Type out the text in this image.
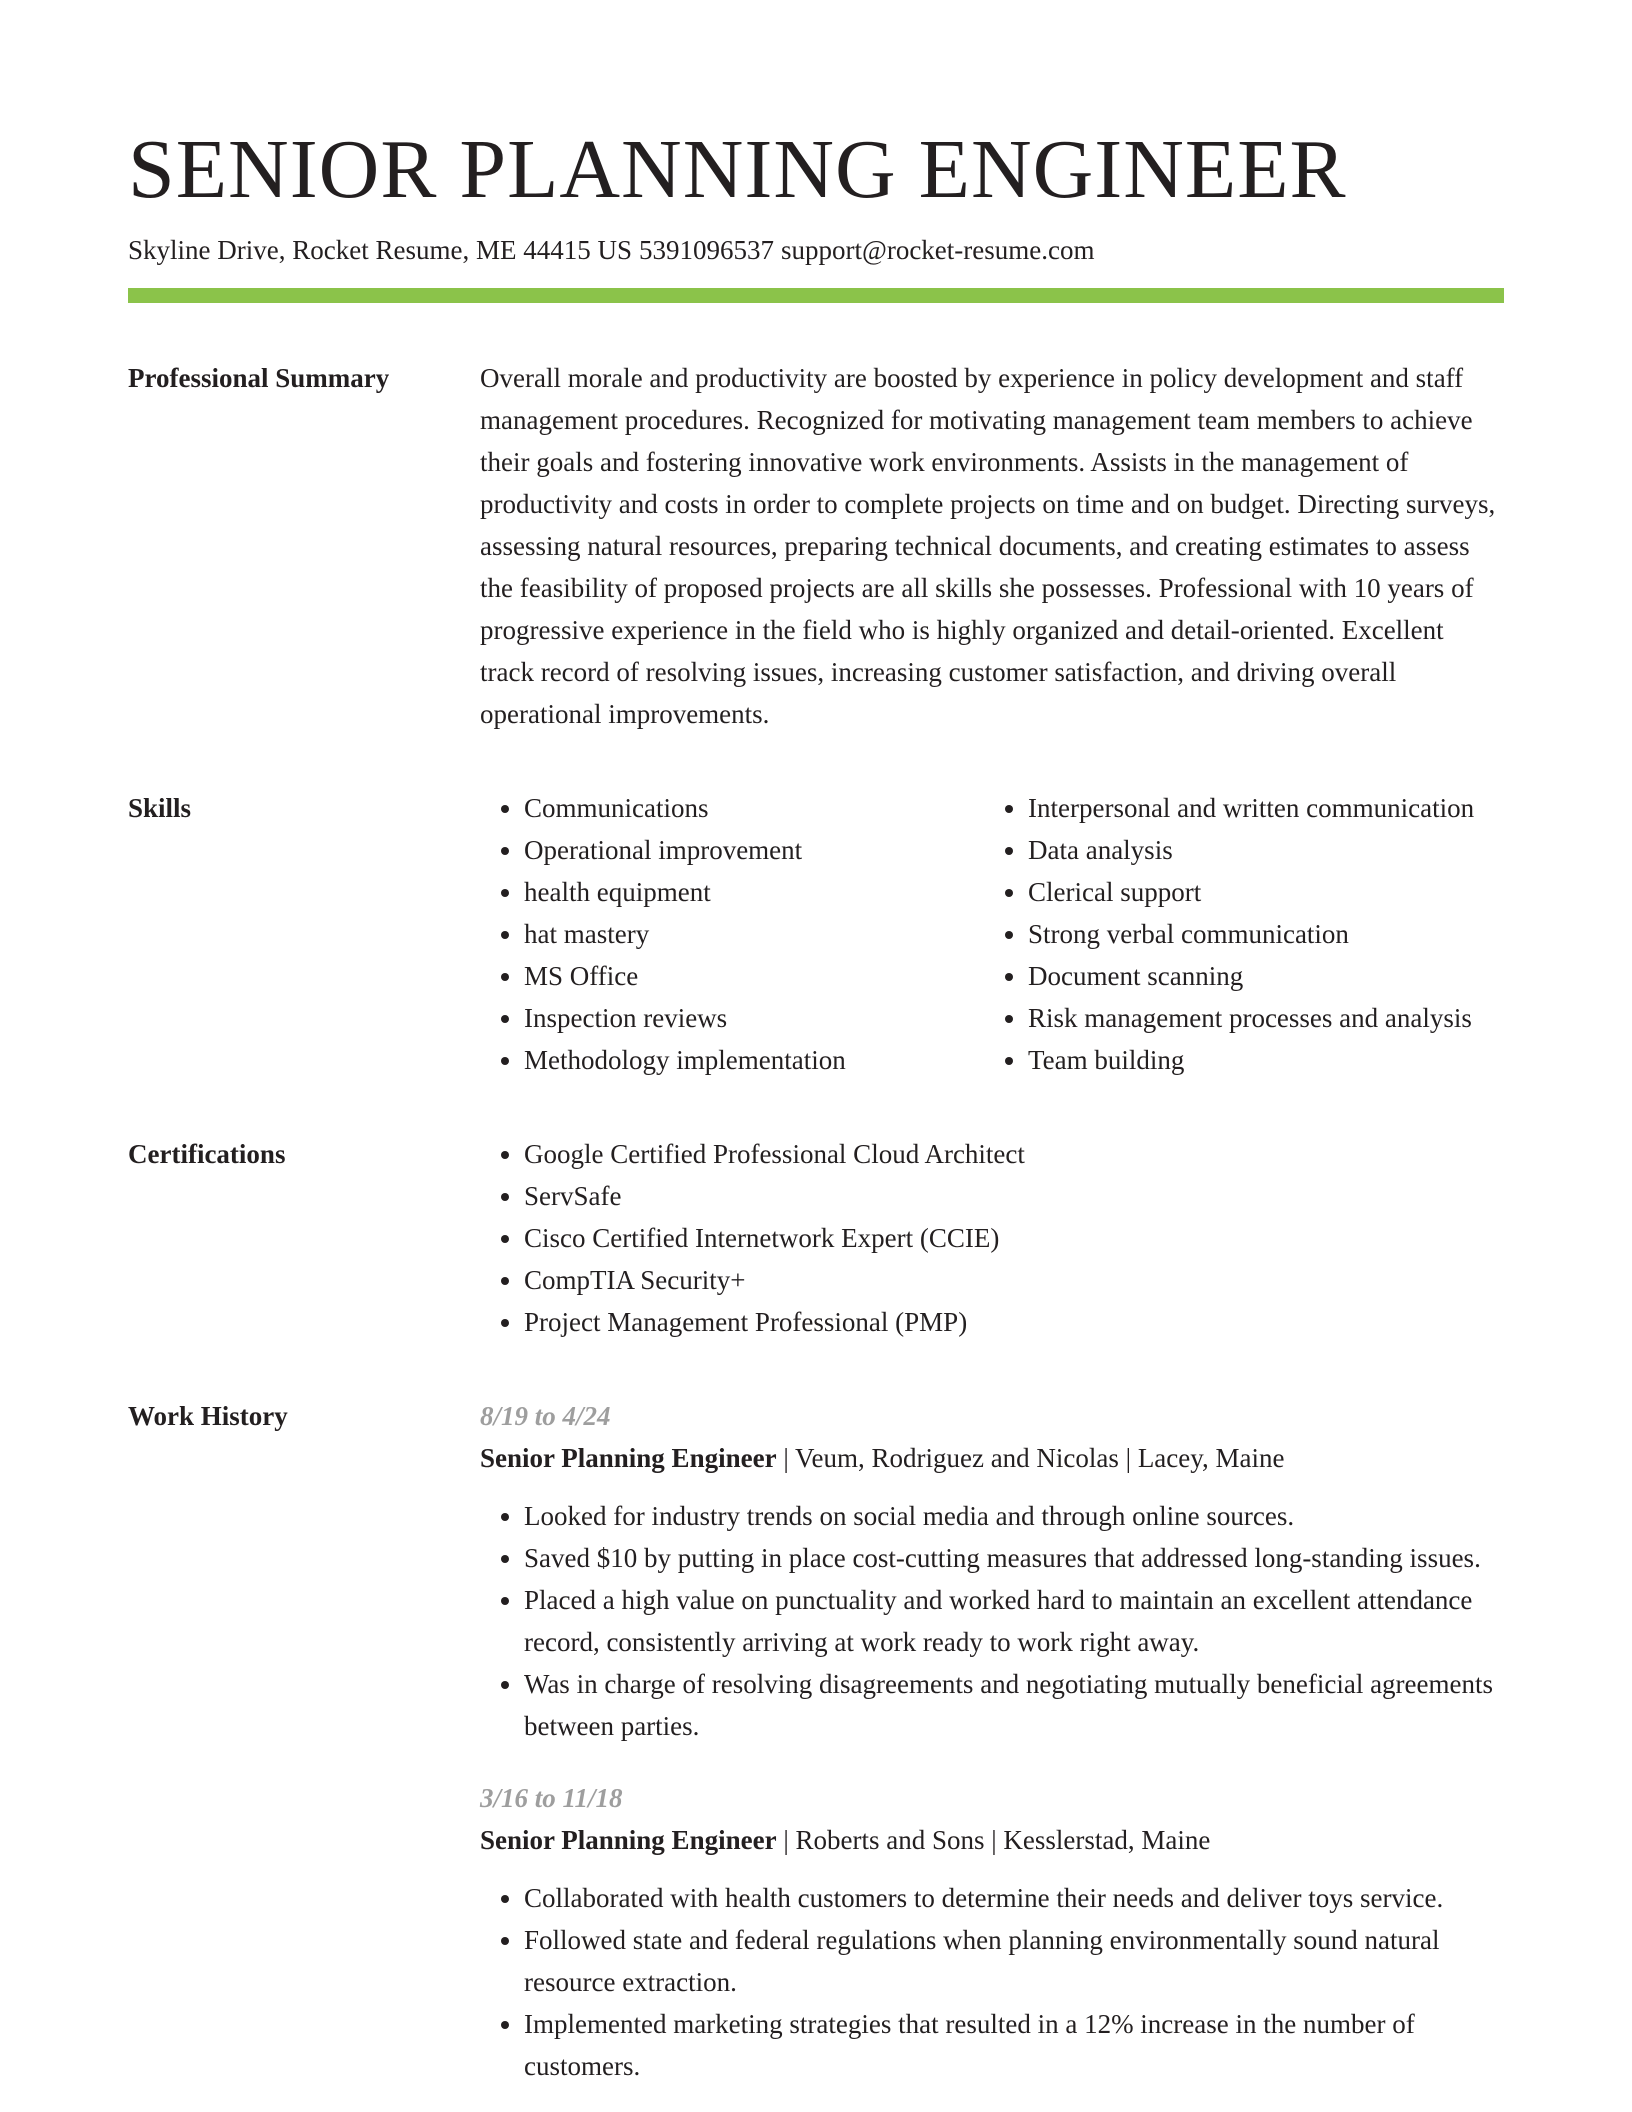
SENIOR PLANNING ENGINEER
Skyline Drive, Rocket Resume, ME 44415 US 5391096537 support@rocket-resume.com
Professional Summary	Overall morale and productivity are boosted by experience in policy development and staff management procedures. Recognized for motivating management team members to achieve their goals and fostering innovative work environments. Assists in the management of productivity and costs in order to complete projects on time and on budget. Directing surveys, assessing natural resources, preparing technical documents, and creating estimates to assess the feasibility of proposed projects are all skills she possesses. Professional with 10 years of progressive experience in the field who is highly organized and detail-oriented. Excellent track record of resolving issues, increasing customer satisfaction, and driving overall operational improvements.

Skills	• Communications
• Operational improvement
• health equipment
• hat mastery
• MS Office
• Inspection reviews
• Methodology implementation
• Interpersonal and written communication
• Data analysis
• Clerical support
• Strong verbal communication
• Document scanning
• Risk management processes and analysis
• Team building
Certifications	• Google Certified Professional Cloud Architect
• ServSafe
• Cisco Certified Internetwork Expert (CCIE)
• CompTIA Security+
• Project Management Professional (PMP)
Work History	8/19 to 4/24
Senior Planning Engineer | Veum, Rodriguez and Nicolas | Lacey, Maine
• Looked for industry trends on social media and through online sources.
• Saved $10 by putting in place cost-cutting measures that addressed long-standing issues.
• Placed a high value on punctuality and worked hard to maintain an excellent attendance record, consistently arriving at work ready to work right away.
• Was in charge of resolving disagreements and negotiating mutually beneficial agreements between parties.
3/16 to 11/18
Senior Planning Engineer | Roberts and Sons | Kesslerstad, Maine
• Collaborated with health customers to determine their needs and deliver toys service.
• Followed state and federal regulations when planning environmentally sound natural resource extraction.
• Implemented marketing strategies that resulted in a 12% increase in the number of customers.
